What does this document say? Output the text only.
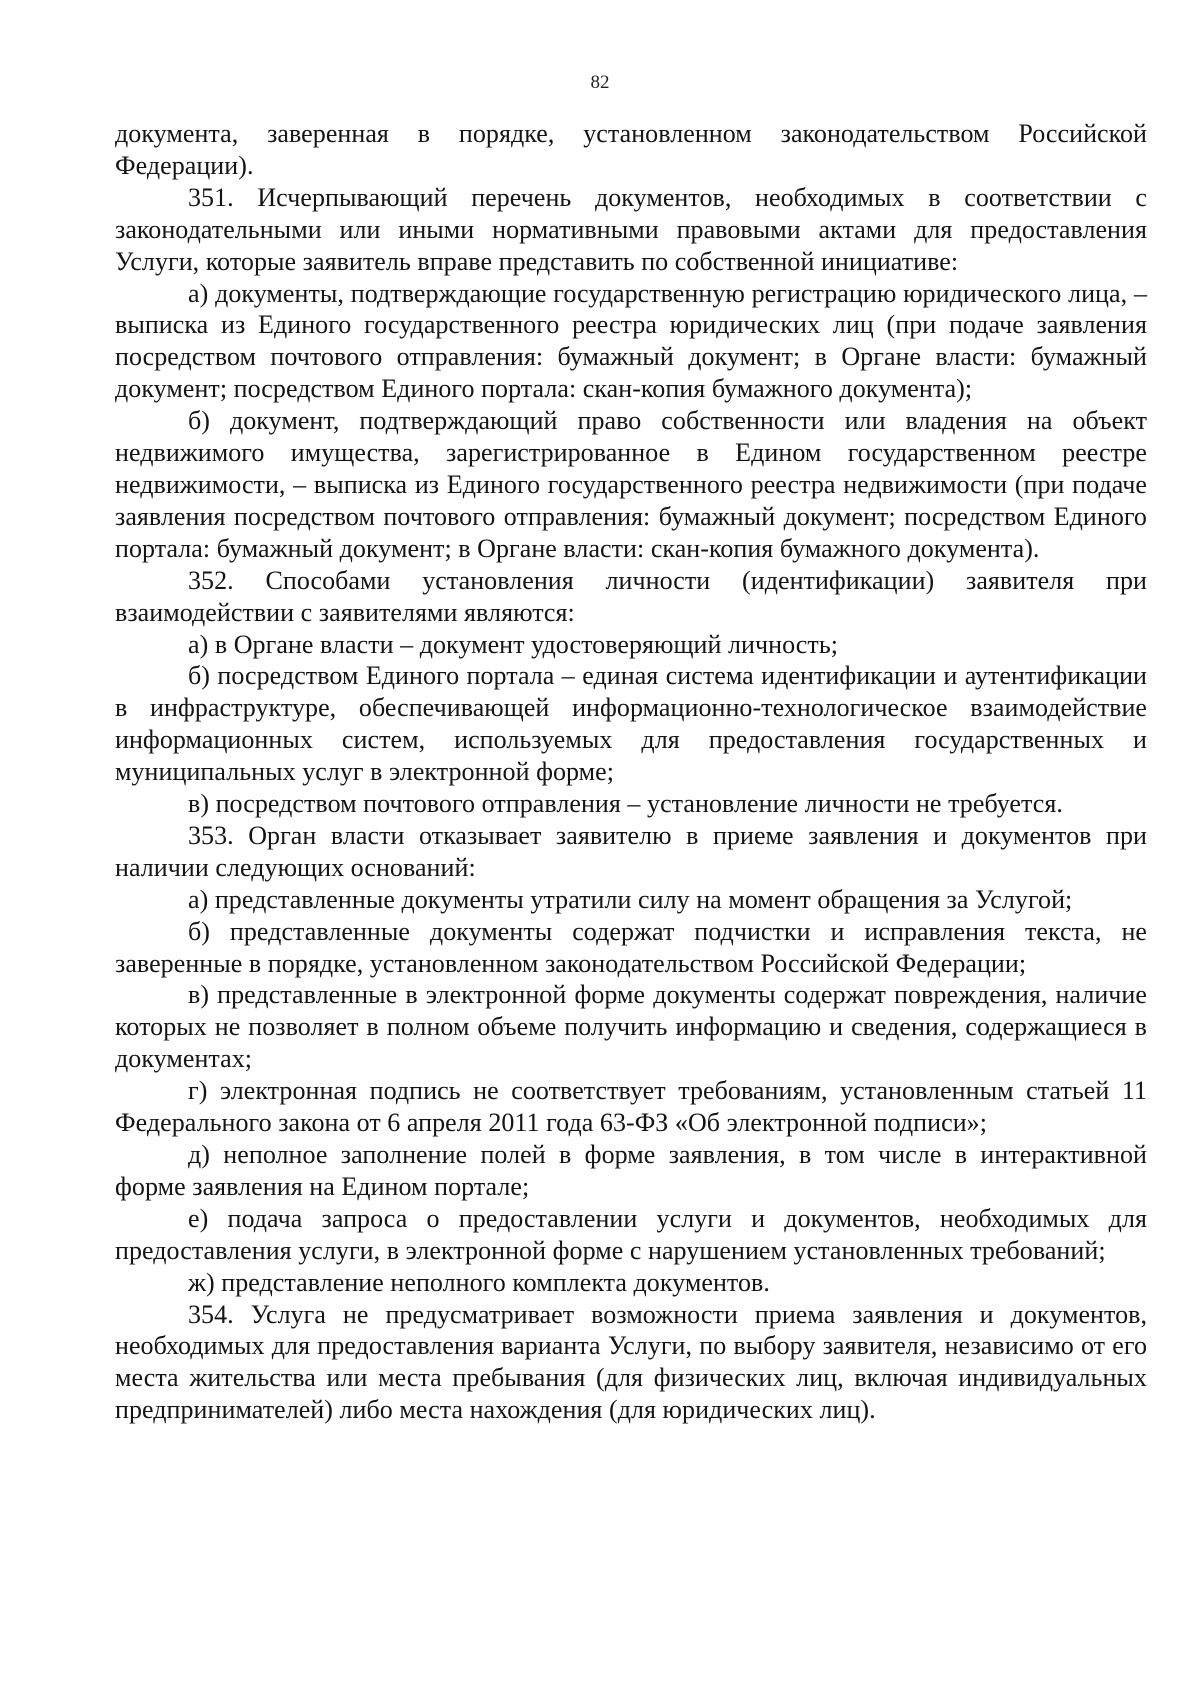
82

документа, заверенная в порядке, установленном законодательством Российской Федерации).

351. Исчерпывающий перечень документов, необходимых в соответствии с законодательными или иными нормативными правовыми актами для предоставления Услуги, которые заявитель вправе представить по собственной инициативе:

а) документы, подтверждающие государственную регистрацию юридического лица, – выписка из Единого государственного реестра юридических лиц (при подаче заявления посредством почтового отправления: бумажный документ; в Органе власти: бумажный документ; посредством Единого портала: скан-копия бумажного документа);

б) документ, подтверждающий право собственности или владения на объект недвижимого имущества, зарегистрированное в Едином государственном реестре недвижимости, – выписка из Единого государственного реестра недвижимости (при подаче заявления посредством почтового отправления: бумажный документ; посредством Единого портала: бумажный документ; в Органе власти: скан-копия бумажного документа).

352. Способами установления личности (идентификации) заявителя при взаимодействии с заявителями являются:

а) в Органе власти – документ удостоверяющий личность;

б) посредством Единого портала – единая система идентификации и аутентификации в инфраструктуре, обеспечивающей информационно-технологическое взаимодействие информационных систем, используемых для предоставления государственных и муниципальных услуг в электронной форме;

в) посредством почтового отправления – установление личности не требуется.

353. Орган власти отказывает заявителю в приеме заявления и документов при наличии следующих оснований:

а) представленные документы утратили силу на момент обращения за Услугой;

б) представленные документы содержат подчистки и исправления текста, не заверенные в порядке, установленном законодательством Российской Федерации;

в) представленные в электронной форме документы содержат повреждения, наличие которых не позволяет в полном объеме получить информацию и сведения, содержащиеся в документах;

г) электронная подпись не соответствует требованиям, установленным статьей 11 Федерального закона от 6 апреля 2011 года 63-ФЗ «Об электронной подписи»;

д) неполное заполнение полей в форме заявления, в том числе в интерактивной форме заявления на Едином портале;

е) подача запроса о предоставлении услуги и документов, необходимых для предоставления услуги, в электронной форме с нарушением установленных требований;

ж) представление неполного комплекта документов.

354. Услуга не предусматривает возможности приема заявления и документов, необходимых для предоставления варианта Услуги, по выбору заявителя, независимо от его места жительства или места пребывания (для физических лиц, включая индивидуальных предпринимателей) либо места нахождения (для юридических лиц).
